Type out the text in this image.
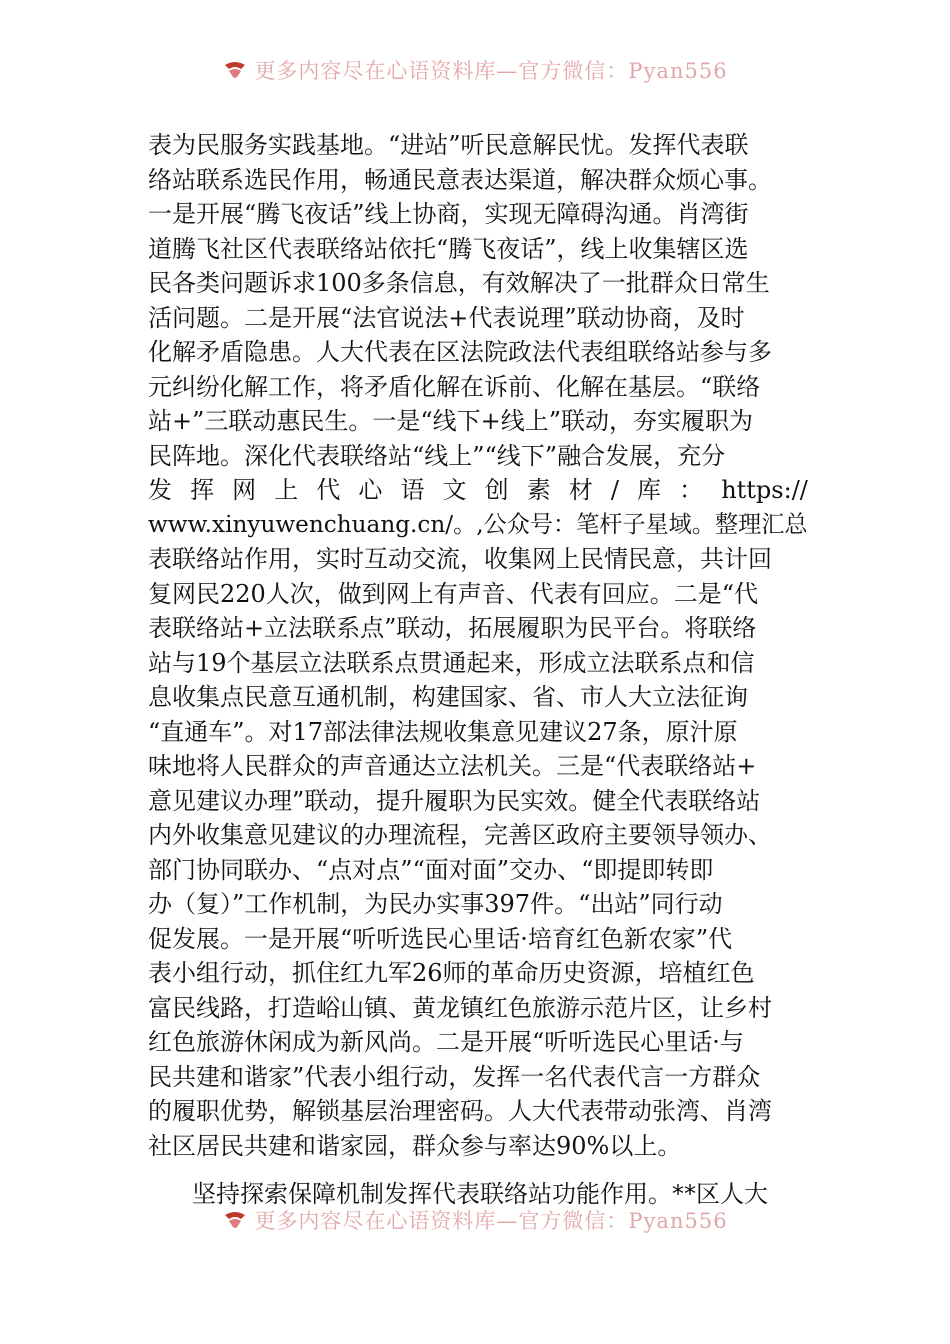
更多内容尽在心语资料库—官方微信：Pyan556
表为民服务实践基地。“进站”听民意解民忧。发挥代表联
络站联系选民作用，畅通民意表达渠道，解决群众烦心事。
一是开展“腾飞夜话”线上协商，实现无障碍沟通。肖湾街
道腾飞社区代表联络站依托“腾飞夜话”，线上收集辖区选
民各类问题诉求100多条信息，有效解决了一批群众日常生
活问题。二是开展“法官说法+代表说理”联动协商，及时
化解矛盾隐患。人大代表在区法院政法代表组联络站参与多
元纠纷化解工作，将矛盾化解在诉前、化解在基层。“联络
站+”三联动惠民生。一是“线下+线上”联动，夯实履职为
民阵地。深化代表联络站“线上”“线下”融合发展，充分
发 挥 网 上 代 心 语 文 创 素 材 / 库 ： https://
www.xinyuwenchuang.cn/。,公众号：笔杆子星域。整理汇总
表联络站作用，实时互动交流，收集网上民情民意，共计回
复网民220人次，做到网上有声音、代表有回应。二是“代
表联络站+立法联系点”联动，拓展履职为民平台。将联络
站与19个基层立法联系点贯通起来，形成立法联系点和信
息收集点民意互通机制，构建国家、省、市人大立法征询
“直通车”。对17部法律法规收集意见建议27条，原汁原
味地将人民群众的声音通达立法机关。三是“代表联络站+
意见建议办理”联动，提升履职为民实效。健全代表联络站
内外收集意见建议的办理流程，完善区政府主要领导领办、
部门协同联办、“点对点”“面对面”交办、“即提即转即
办（复）”工作机制，为民办实事397件。“出站”同行动
促发展。一是开展“听听选民心里话·培育红色新农家”代
表小组行动，抓住红九军26师的革命历史资源，培植红色
富民线路，打造峪山镇、黄龙镇红色旅游示范片区，让乡村
红色旅游休闲成为新风尚。二是开展“听听选民心里话·与
民共建和谐家”代表小组行动，发挥一名代表代言一方群众
的履职优势，解锁基层治理密码。人大代表带动张湾、肖湾
社区居民共建和谐家园，群众参与率达90%以上。
坚持探索保障机制发挥代表联络站功能作用。**区人大
更多内容尽在心语资料库—官方微信：Pyan556
